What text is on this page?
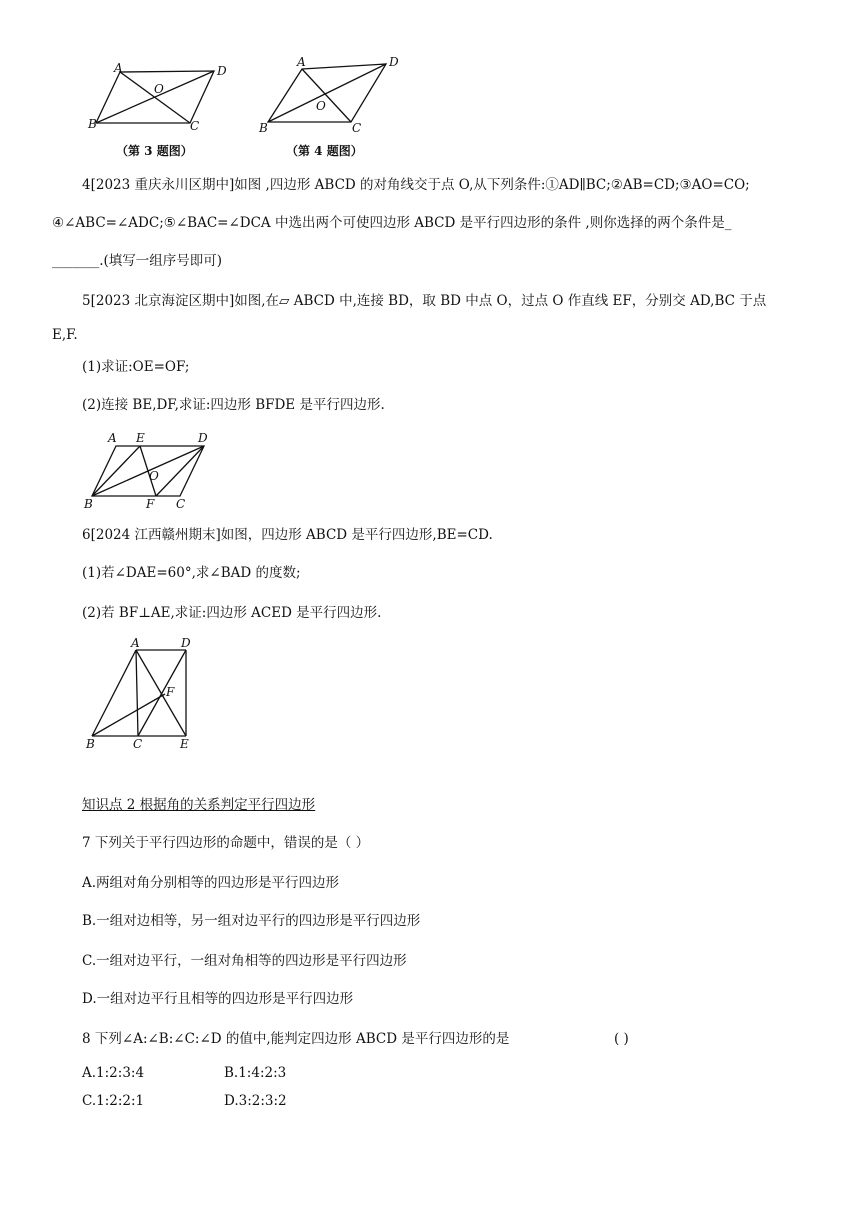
A	D
O
B	C
（第 3 题图）
A	D
O
B	C
（第 4 题图）
4[2023 重庆永川区期中]如图 ,四边形 ABCD 的对角线交于点 O,从下列条件:①AD∥BC;②AB=CD;③AO=CO;
④∠ABC=∠ADC;⑤∠BAC=∠DCA 中选出两个可使四边形 ABCD 是平行四边形的条件 ,则你选择的两个条件是_
_______.(填写一组序号即可)
5[2023 北京海淀区期中]如图,在▱ ABCD 中,连接 BD，取 BD 中点 O，过点 O 作直线 EF，分别交 AD,BC 于点
E,F.
(1)求证:OE=OF;
(2)连接 BE,DF,求证:四边形 BFDE 是平行四边形.
A E	D
O
B	F C
6[2024 江西赣州期末]如图，四边形 ABCD 是平行四边形,BE=CD.
(1)若∠DAE=60°,求∠BAD 的度数;
(2)若 BF⊥AE,求证:四边形 ACED 是平行四边形.
A	D
F
B	C	E
知识点 2 根据角的关系判定平行四边形
7 下列关于平行四边形的命题中，错误的是（ ）
A.两组对角分别相等的四边形是平行四边形
B.一组对边相等，另一组对边平行的四边形是平行四边形
C.一组对边平行，一组对角相等的四边形是平行四边形
D.一组对边平行且相等的四边形是平行四边形
8 下列∠A:∠B:∠C:∠D 的值中,能判定四边形 ABCD 是平行四边形的是	( )
A.1:2:3:4	B.1:4:2:3
C.1:2:2:1	D.3:2:3:2
